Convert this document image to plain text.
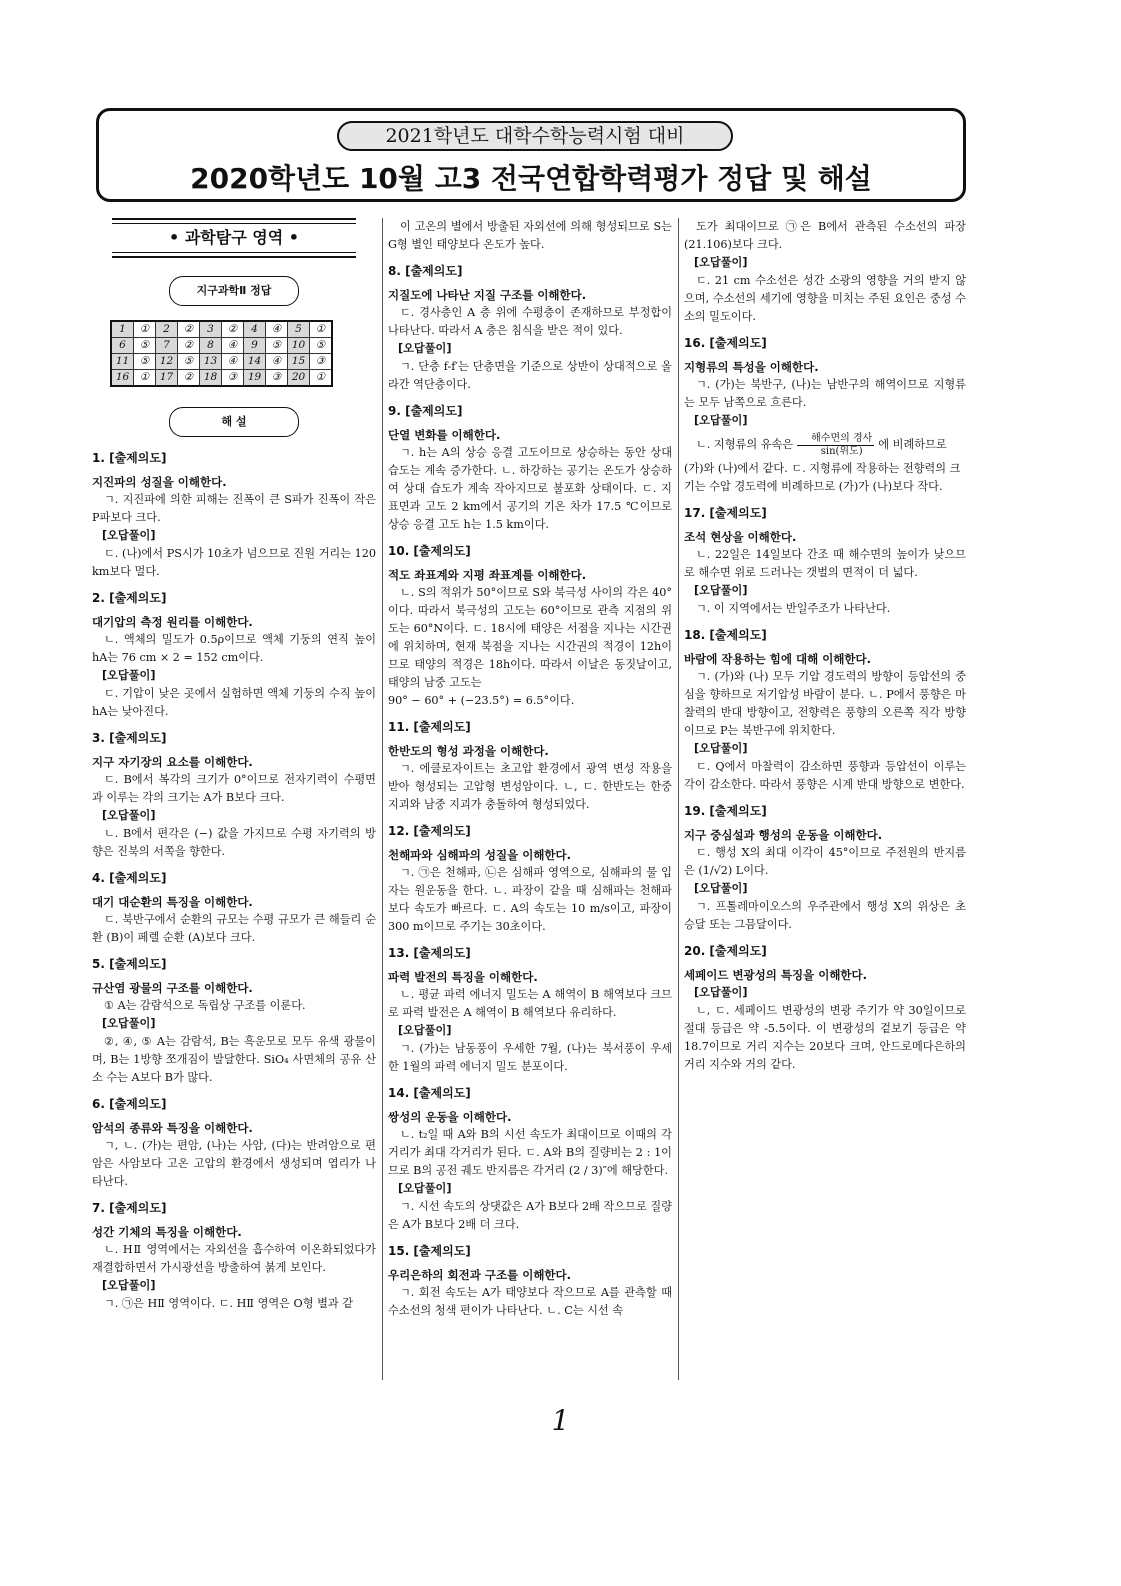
2021학년도 대학수학능력시험 대비
2020학년도 10월 고3 전국연합학력평가 정답 및 해설
• 과학탐구 영역 •
지구과학Ⅱ 정답
1	①	2	②	3	②	4	④	5	①
6	⑤	7	②	8	④	9	⑤	10	⑤
11	⑤	12	⑤	13	④	14	④	15	③
16	①	17	②	18	③	19	③	20	①
해 설
1. [출제의도]
지진파의 성질을 이해한다.
ㄱ. 지진파에 의한 피해는 진폭이 큰 S파가 진폭이 작은 P파보다 크다.
[오답풀이]
ㄷ. (나)에서 PS시가 10초가 넘으므로 진원 거리는 120 km보다 멀다.
2. [출제의도]
대기압의 측정 원리를 이해한다.
ㄴ. 액체의 밀도가 0.5ρ이므로 액체 기둥의 연직 높이 hA는 76 cm × 2 = 152 cm이다.
[오답풀이]
ㄷ. 기압이 낮은 곳에서 실험하면 액체 기둥의 수직 높이 hA는 낮아진다.
3. [출제의도]
지구 자기장의 요소를 이해한다.
ㄷ. B에서 복각의 크기가 0°이므로 전자기력이 수평면과 이루는 각의 크기는 A가 B보다 크다.
[오답풀이]
ㄴ. B에서 편각은 (−) 값을 가지므로 수평 자기력의 방향은 진북의 서쪽을 향한다.
4. [출제의도]
대기 대순환의 특징을 이해한다.
ㄷ. 북반구에서 순환의 규모는 수평 규모가 큰 해들리 순환 (B)이 페렐 순환 (A)보다 크다.
5. [출제의도]
규산염 광물의 구조를 이해한다.
① A는 감람석으로 독립상 구조를 이룬다.
[오답풀이]
②, ④, ⑤ A는 감람석, B는 흑운모로 모두 유색 광물이며, B는 1방향 쪼개짐이 발달한다. SiO₄ 사면체의 공유 산소 수는 A보다 B가 많다.
6. [출제의도]
암석의 종류와 특징을 이해한다.
ㄱ, ㄴ. (가)는 편암, (나)는 사암, (다)는 반려암으로 편암은 사암보다 고온 고압의 환경에서 생성되며 엽리가 나타난다.
7. [출제의도]
성간 기체의 특징을 이해한다.
ㄴ. HⅡ 영역에서는 자외선을 흡수하여 이온화되었다가 재결합하면서 가시광선을 방출하여 붉게 보인다.
[오답풀이]
ㄱ. ㉠은 HⅡ 영역이다. ㄷ. HⅡ 영역은 O형 별과 같
이 고온의 별에서 방출된 자외선에 의해 형성되므로 S는 G형 별인 태양보다 온도가 높다.
8. [출제의도]
지질도에 나타난 지질 구조를 이해한다.
ㄷ. 경사층인 A 층 위에 수평층이 존재하므로 부정합이 나타난다. 따라서 A 층은 침식을 받은 적이 있다.
[오답풀이]
ㄱ. 단층 f-f′는 단층면을 기준으로 상반이 상대적으로 올라간 역단층이다.
9. [출제의도]
단열 변화를 이해한다.
ㄱ. h는 A의 상승 응결 고도이므로 상승하는 동안 상대 습도는 계속 증가한다. ㄴ. 하강하는 공기는 온도가 상승하여 상대 습도가 계속 작아지므로 불포화 상태이다. ㄷ. 지표면과 고도 2 km에서 공기의 기온 차가 17.5 ℃이므로 상승 응결 고도 h는 1.5 km이다.
10. [출제의도]
적도 좌표계와 지평 좌표계를 이해한다.
ㄴ. S의 적위가 50°이므로 S와 북극성 사이의 각은 40°이다. 따라서 북극성의 고도는 60°이므로 관측 지점의 위도는 60°N이다. ㄷ. 18시에 태양은 서점을 지나는 시간권에 위치하며, 현재 북점을 지나는 시간권의 적경이 12h이므로 태양의 적경은 18h이다. 따라서 이날은 동짓날이고, 태양의 남중 고도는
90° − 60° + (−23.5°) = 6.5°이다.
11. [출제의도]
한반도의 형성 과정을 이해한다.
ㄱ. 에클로자이트는 초고압 환경에서 광역 변성 작용을 받아 형성되는 고압형 변성암이다. ㄴ, ㄷ. 한반도는 한중 지괴와 남중 지괴가 충돌하여 형성되었다.
12. [출제의도]
천해파와 심해파의 성질을 이해한다.
ㄱ. ㉠은 천해파, ㉡은 심해파 영역으로, 심해파의 물 입자는 원운동을 한다. ㄴ. 파장이 같을 때 심해파는 천해파보다 속도가 빠르다. ㄷ. A의 속도는 10 m/s이고, 파장이 300 m이므로 주기는 30초이다.
13. [출제의도]
파력 발전의 특징을 이해한다.
ㄴ. 평균 파력 에너지 밀도는 A 해역이 B 해역보다 크므로 파력 발전은 A 해역이 B 해역보다 유리하다.
[오답풀이]
ㄱ. (가)는 남동풍이 우세한 7월, (나)는 북서풍이 우세한 1월의 파력 에너지 밀도 분포이다.
14. [출제의도]
쌍성의 운동을 이해한다.
ㄴ. t₂일 때 A와 B의 시선 속도가 최대이므로 이때의 각거리가 최대 각거리가 된다. ㄷ. A와 B의 질량비는 2 : 1이므로 B의 공전 궤도 반지름은 각거리 (2 / 3)″에 해당한다.
[오답풀이]
ㄱ. 시선 속도의 상댓값은 A가 B보다 2배 작으므로 질량은 A가 B보다 2배 더 크다.
15. [출제의도]
우리은하의 회전과 구조를 이해한다.
ㄱ. 회전 속도는 A가 태양보다 작으므로 A를 관측할 때 수소선의 청색 편이가 나타난다. ㄴ. C는 시선 속
도가 최대이므로 ㉠은 B에서 관측된 수소선의 파장(21.106)보다 크다.
[오답풀이]
ㄷ. 21 cm 수소선은 성간 소광의 영향을 거의 받지 않으며, 수소선의 세기에 영향을 미치는 주된 요인은 중성 수소의 밀도이다.
16. [출제의도]
지형류의 특성을 이해한다.
ㄱ. (가)는 북반구, (나)는 남반구의 해역이므로 지형류는 모두 남쪽으로 흐른다.
[오답풀이]
ㄴ. 지형류의 유속은 $\frac{\text{해수면의 경사}}{\text{sin(위도)}}$ 에 비례하므로
(가)와 (나)에서 같다. ㄷ. 지형류에 작용하는 전향력의 크기는 수압 경도력에 비례하므로 (가)가 (나)보다 작다.
17. [출제의도]
조석 현상을 이해한다.
ㄴ. 22일은 14일보다 간조 때 해수면의 높이가 낮으므로 해수면 위로 드러나는 갯벌의 면적이 더 넓다.
[오답풀이]
ㄱ. 이 지역에서는 반일주조가 나타난다.
18. [출제의도]
바람에 작용하는 힘에 대해 이해한다.
ㄱ. (가)와 (나) 모두 기압 경도력의 방향이 등압선의 중심을 향하므로 저기압성 바람이 분다. ㄴ. P에서 풍향은 마찰력의 반대 방향이고, 전향력은 풍향의 오른쪽 직각 방향이므로 P는 북반구에 위치한다.
[오답풀이]
ㄷ. Q에서 마찰력이 감소하면 풍향과 등압선이 이루는 각이 감소한다. 따라서 풍향은 시계 반대 방향으로 변한다.
19. [출제의도]
지구 중심설과 행성의 운동을 이해한다.
ㄷ. 행성 X의 최대 이각이 45°이므로 주전원의 반지름은 (1/√2) L이다.
[오답풀이]
ㄱ. 프톨레마이오스의 우주관에서 행성 X의 위상은 초승달 또는 그믐달이다.
20. [출제의도]
세페이드 변광성의 특징을 이해한다.
[오답풀이]
ㄴ, ㄷ. 세페이드 변광성의 변광 주기가 약 30일이므로 절대 등급은 약 -5.5이다. 이 변광성의 겉보기 등급은 약 18.7이므로 거리 지수는 20보다 크며, 안드로메다은하의 거리 지수와 거의 같다.
1
